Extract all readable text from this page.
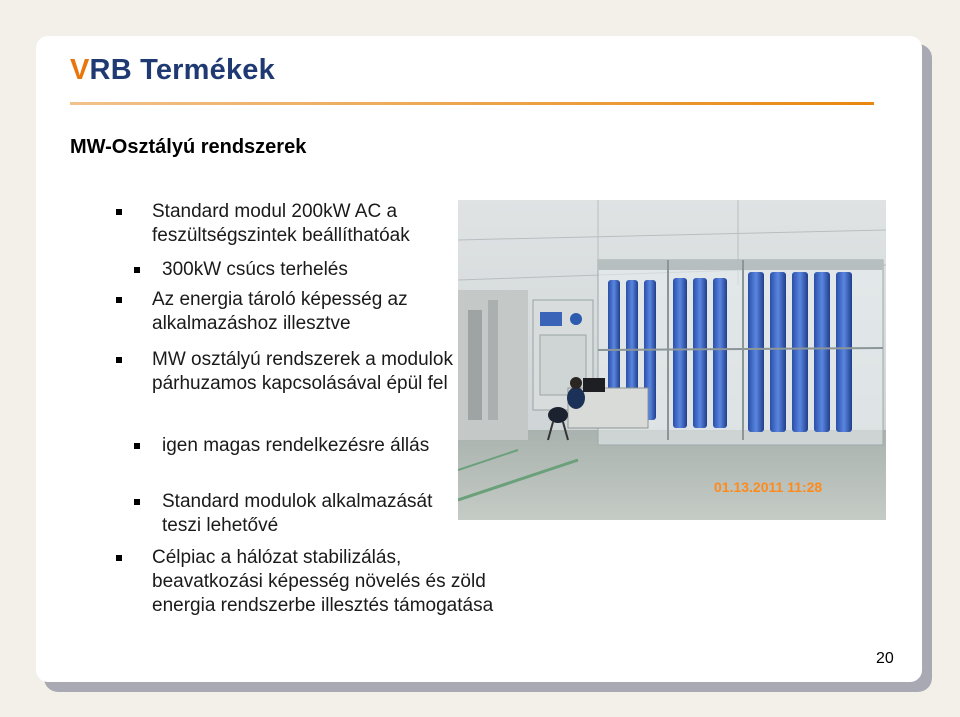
VRB Termékek
MW-Osztályú rendszerek
Standard modul 200kW AC a feszültségszintek beállíthatóak
300kW csúcs terhelés
Az energia tároló képesség az alkalmazáshoz illesztve
MW osztályú rendszerek a modulok párhuzamos kapcsolásával épül fel
igen magas rendelkezésre állás
Standard modulok alkalmazását teszi lehetővé
Célpiac a hálózat stabilizálás, beavatkozási képesség növelés és zöld energia rendszerbe illesztés támogatása
01.13.2011 11:28
20
